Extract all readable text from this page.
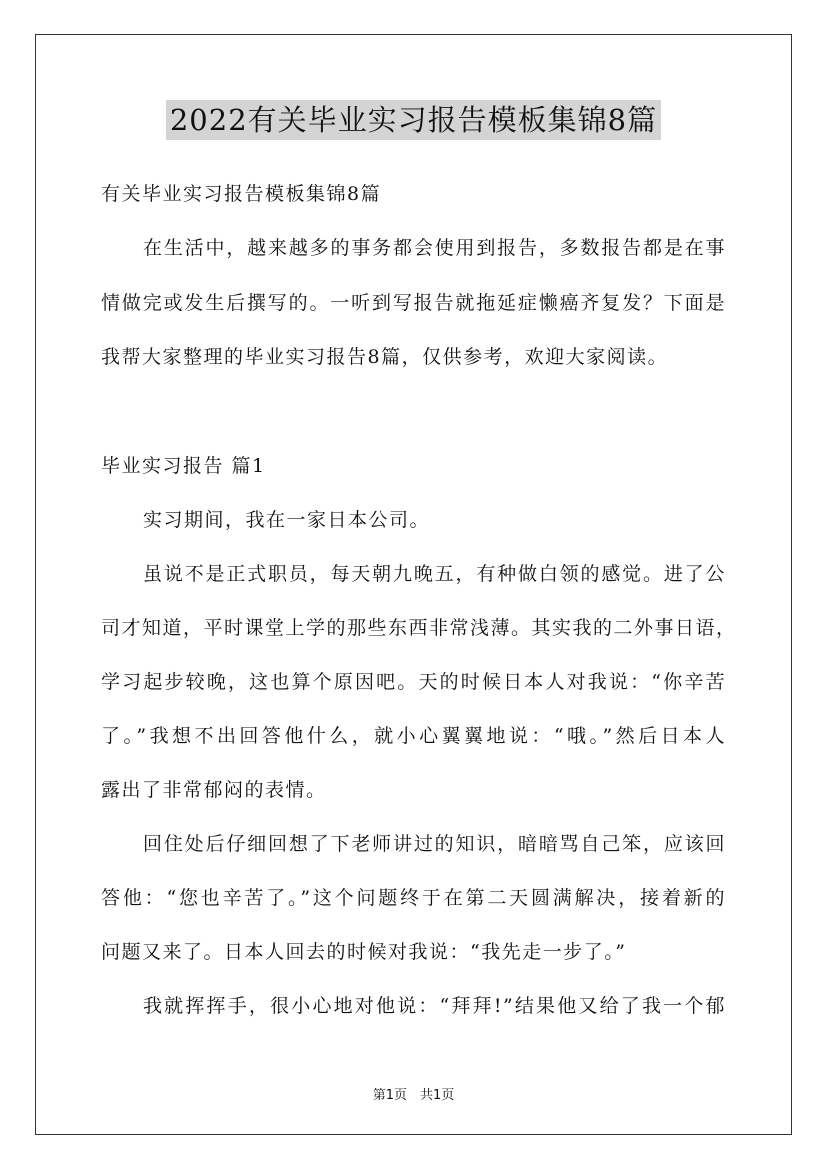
2022有关毕业实习报告模板集锦8篇
有关毕业实习报告模板集锦8篇
在生活中，越来越多的事务都会使用到报告，多数报告都是在事
情做完或发生后撰写的。一听到写报告就拖延症懒癌齐复发？下面是
我帮大家整理的毕业实习报告8篇，仅供参考，欢迎大家阅读。
毕业实习报告 篇1
实习期间，我在一家日本公司。
虽说不是正式职员，每天朝九晚五，有种做白领的感觉。进了公
司才知道，平时课堂上学的那些东西非常浅薄。其实我的二外事日语，
学习起步较晚，这也算个原因吧。天的时候日本人对我说：“你辛苦
了。”我想不出回答他什么，就小心翼翼地说：“哦。”然后日本人
露出了非常郁闷的表情。
回住处后仔细回想了下老师讲过的知识，暗暗骂自己笨，应该回
答他：“您也辛苦了。”这个问题终于在第二天圆满解决，接着新的
问题又来了。日本人回去的时候对我说：“我先走一步了。”
我就挥挥手，很小心地对他说：“拜拜!”结果他又给了我一个郁
第1页　共1页
